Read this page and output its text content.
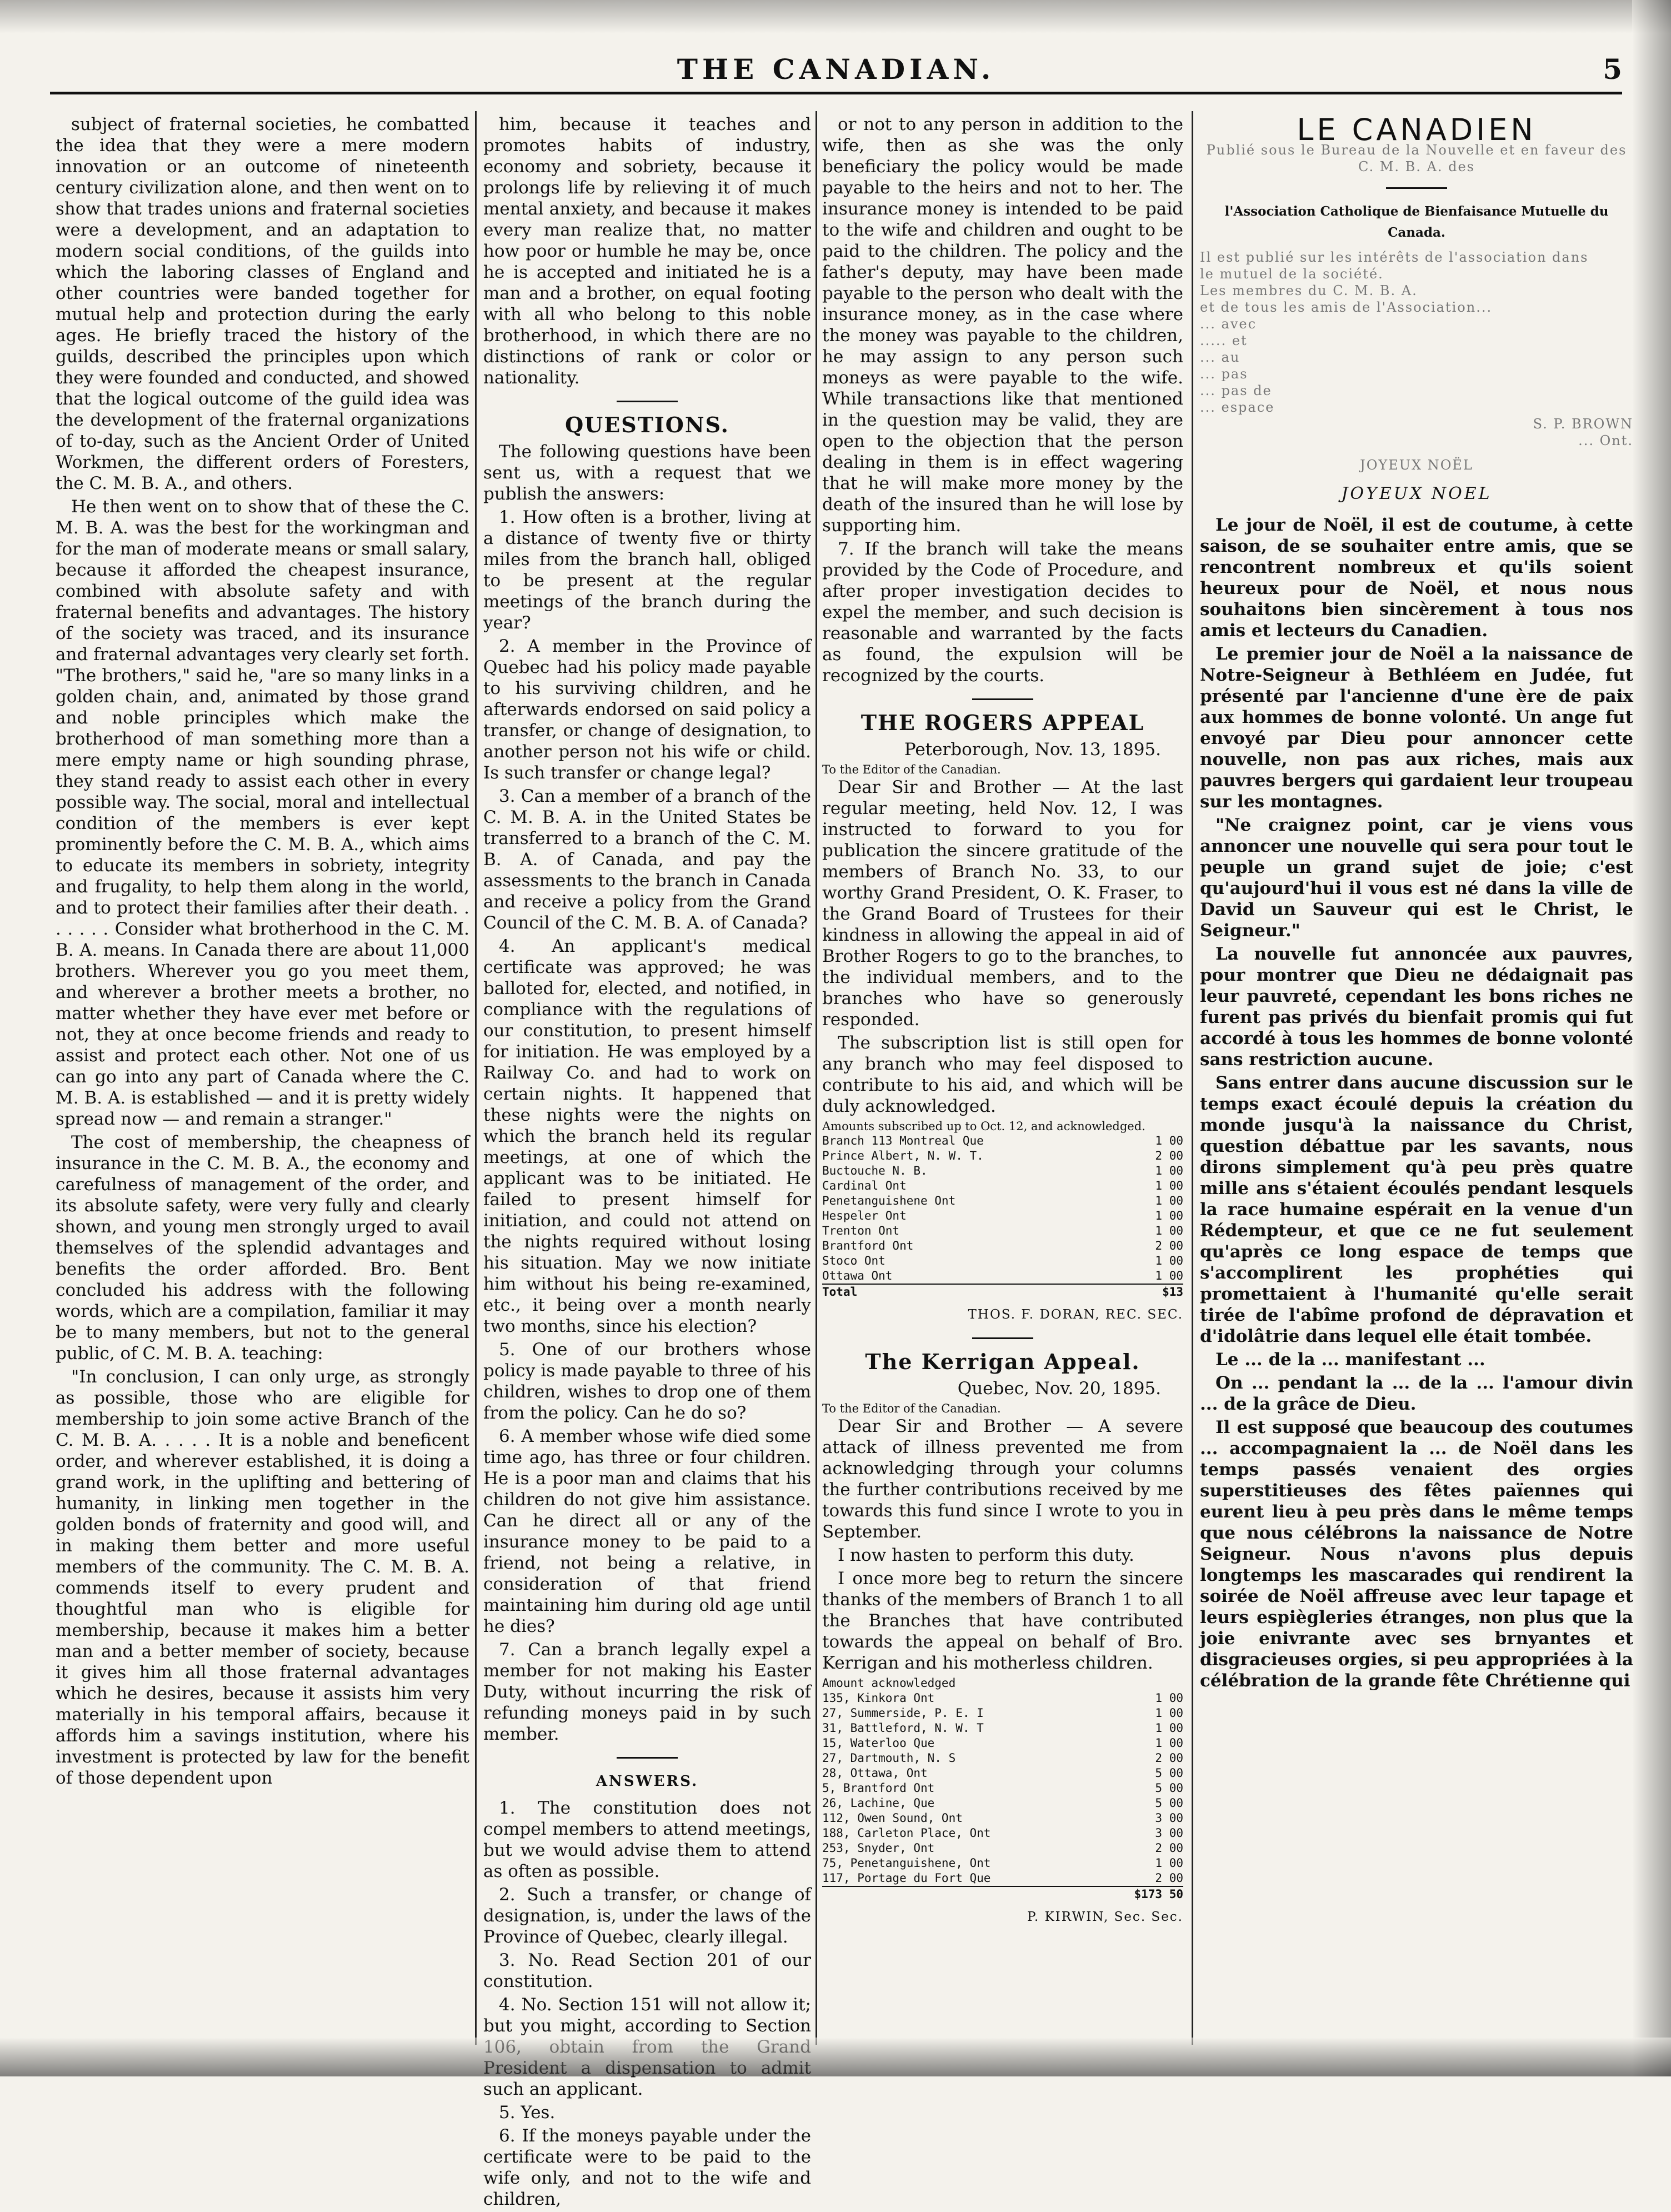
THE CANADIAN.	5

subject of fraternal societies, he combatted the idea that they were a mere modern innovation or an outcome of nineteenth century civilization alone, and then went on to show that trades unions and fraternal societies were a development, and an adaptation to modern social conditions, of the guilds into which the laboring classes of England and other countries were banded together for mutual help and protection during the early ages. He briefly traced the history of the guilds, described the principles upon which they were founded and conducted, and showed that the logical outcome of the guild idea was the development of the fraternal organizations of to-day, such as the Ancient Order of United Workmen, the different orders of Foresters, the C. M. B. A., and others.

He then went on to show that of these the C. M. B. A. was the best for the workingman and for the man of moderate means or small salary, because it afforded the cheapest insurance, combined with absolute safety and with fraternal benefits and advantages. The history of the society was traced, and its insurance and fraternal advantages very clearly set forth. "The brothers," said he, "are so many links in a golden chain, and, animated by those grand and noble principles which make the brotherhood of man something more than a mere empty name or high sounding phrase, they stand ready to assist each other in every possible way. The social, moral and intellectual condition of the members is ever kept prominently before the C. M. B. A., which aims to educate its members in sobriety, integrity and frugality, to help them along in the world, and to protect their families after their death. . . . . . . Consider what brotherhood in the C. M. B. A. means. In Canada there are about 11,000 brothers. Wherever you go you meet them, and wherever a brother meets a brother, no matter whether they have ever met before or not, they at once become friends and ready to assist and protect each other. Not one of us can go into any part of Canada where the C. M. B. A. is established — and it is pretty widely spread now — and remain a stranger."

The cost of membership, the cheapness of insurance in the C. M. B. A., the economy and carefulness of management of the order, and its absolute safety, were very fully and clearly shown, and young men strongly urged to avail themselves of the splendid advantages and benefits the order afforded. Bro. Bent concluded his address with the following words, which are a compilation, familiar it may be to many members, but not to the general public, of C. M. B. A. teaching:

"In conclusion, I can only urge, as strongly as possible, those who are eligible for membership to join some active Branch of the C. M. B. A. . . . . It is a noble and beneficent order, and wherever established, it is doing a grand work, in the uplifting and bettering of humanity, in linking men together in the golden bonds of fraternity and good will, and in making them better and more useful members of the community. The C. M. B. A. commends itself to every prudent and thoughtful man who is eligible for membership, because it makes him a better man and a better member of society, because it gives him all those fraternal advantages which he desires, because it assists him very materially in his temporal affairs, because it affords him a savings institution, where his investment is protected by law for the benefit of those dependent upon

him, because it teaches and promotes habits of industry, economy and sobriety, because it prolongs life by relieving it of much mental anxiety, and because it makes every man realize that, no matter how poor or humble he may be, once he is accepted and initiated he is a man and a brother, on equal footing with all who belong to this noble brotherhood, in which there are no distinctions of rank or color or nationality.

QUESTIONS.

The following questions have been sent us, with a request that we publish the answers:

1. How often is a brother, living at a distance of twenty five or thirty miles from the branch hall, obliged to be present at the regular meetings of the branch during the year?

2. A member in the Province of Quebec had his policy made payable to his surviving children, and he afterwards endorsed on said policy a transfer, or change of designation, to another person not his wife or child. Is such transfer or change legal?

3. Can a member of a branch of the C. M. B. A. in the United States be transferred to a branch of the C. M. B. A. of Canada, and pay the assessments to the branch in Canada and receive a policy from the Grand Council of the C. M. B. A. of Canada?

4. An applicant's medical certificate was approved; he was balloted for, elected, and notified, in compliance with the regulations of our constitution, to present himself for initiation. He was employed by a Railway Co. and had to work on certain nights. It happened that these nights were the nights on which the branch held its regular meetings, at one of which the applicant was to be initiated. He failed to present himself for initiation, and could not attend on the nights required without losing his situation. May we now initiate him without his being re-examined, etc., it being over a month nearly two months, since his election?

5. One of our brothers whose policy is made payable to three of his children, wishes to drop one of them from the policy. Can he do so?

6. A member whose wife died some time ago, has three or four children. He is a poor man and claims that his children do not give him assistance. Can he direct all or any of the insurance money to be paid to a friend, not being a relative, in consideration of that friend maintaining him during old age until he dies?

7. Can a branch legally expel a member for not making his Easter Duty, without incurring the risk of refunding moneys paid in by such member.

ANSWERS.

1. The constitution does not compel members to attend meetings, but we would advise them to attend as often as possible.

2. Such a transfer, or change of designation, is, under the laws of the Province of Quebec, clearly illegal.

3. No. Read Section 201 of our constitution.

4. No. Section 151 will not allow it; but you might, according to Section such an applicant.

5. Yes.

6. If the moneys payable under the certificate were to be paid to the wife only, and not to the wife and children,

or not to any person in addition to the wife, then as she was the only beneficiary the policy would be made payable to the heirs and not to her. The insurance money is intended to be paid to the wife and children and ought to be paid to the children. The policy and the father's deputy, may have been made payable to the person who dealt with the insurance money, as in the case where the money was payable to the children, he may assign to any person such moneys as were payable to the wife. While transactions like that mentioned in the question may be valid, they are open to the objection that the person dealing in them is in effect wagering that he will make more money by the death of the insured than he will lose by supporting him.

7. If the branch will take the means provided by the Code of Procedure, and after proper investigation decides to expel the member, and such decision is reasonable and warranted by the facts as found, the expulsion will be recognized by the courts.

THE ROGERS APPEAL
Peterborough, Nov. 13, 1895.
To the Editor of the Canadian.

Dear Sir and Brother — At the last regular meeting, held Nov. 12, I was instructed to forward to you for publication the sincere gratitude of the members of Branch No. 33, to our worthy Grand President, O. K. Fraser, to the Grand Board of Trustees for their kindness in allowing the appeal in aid of Brother Rogers to go to the branches, to the individual members, and to the branches who have so generously responded.

The subscription list is still open for any branch who may feel disposed to contribute to his aid, and which will be duly acknowledged.

Amounts subscribed up to Oct. 12, and acknowledged.
Branch 113 Montreal Que	1 00
Prince Albert, N. W. T.	2 00
Buctouche N. B.	1 00
Cardinal Ont	1 00
Penetanguishene Ont	1 00
Hespeler Ont	1 00
Trenton Ont	1 00
Brantford Ont	2 00
Stoco Ont	1 00
Ottawa Ont	1 00
Total	$13
THOS. F. DORAN, REC. SEC.
The Kerrigan Appeal.
Quebec, Nov. 20, 1895.
To the Editor of the Canadian.

Dear Sir and Brother — A severe attack of illness prevented me from acknowledging through your columns the further contributions received by me towards this fund since I wrote to you in September.

I now hasten to perform this duty.

I once more beg to return the sincere thanks of the members of Branch 1 to all the Branches that have contributed towards the appeal on behalf of Bro. Kerrigan and his motherless children.

Amount acknowledged	
135, Kinkora Ont	1 00
27, Summerside, P. E. I	1 00
31, Battleford, N. W. T	1 00
15, Waterloo Que	1 00
27, Dartmouth, N. S	2 00
28, Ottawa, Ont	5 00
5, Brantford Ont	5 00
26, Lachine, Que	5 00
112, Owen Sound, Ont	3 00
188, Carleton Place, Ont	3 00
253, Snyder, Ont	2 00
75, Penetanguishene, Ont	1 00
117, Portage du Fort Que	2 00
	$173 50
P. KIRWIN, Sec. Sec.
LE CANADIEN
Publié sous le Bureau de la Nouvelle et en faveur des C. M. B. A. des
l'Association Catholique de Bienfaisance Mutuelle du Canada.
Il est publié sur les intérêts de l'association dans
le mutuel de la société.
Les membres du C. M. B. A.
et de tous les amis de l'Association...
... avec
..... et
... au
... pas
... pas de
... espace
S. P. BROWN
... Ont.
JOYEUX NOËL
JOYEUX NOEL

Le jour de Noël, il est de coutume, à cette saison, de se souhaiter entre amis, que se rencontrent nombreux et qu'ils soient heureux pour de Noël, et nous nous souhaitons bien sincèrement à tous nos amis et lecteurs du Canadien.

Le premier jour de Noël a la naissance de Notre-Seigneur à Bethléem en Judée, fut présenté par l'ancienne d'une ère de paix aux hommes de bonne volonté. Un ange fut envoyé par Dieu pour annoncer cette nouvelle, non pas aux riches, mais aux pauvres bergers qui gardaient leur troupeau sur les montagnes.

"Ne craignez point, car je viens vous annoncer une nouvelle qui sera pour tout le peuple un grand sujet de joie; c'est qu'aujourd'hui il vous est né dans la ville de David un Sauveur qui est le Christ, le Seigneur."

La nouvelle fut annoncée aux pauvres, pour montrer que Dieu ne dédaignait pas leur pauvreté, cependant les bons riches ne furent pas privés du bienfait promis qui fut accordé à tous les hommes de bonne volonté sans restriction aucune.

Sans entrer dans aucune discussion sur le temps exact écoulé depuis la création du monde jusqu'à la naissance du Christ, question débattue par les savants, nous dirons simplement qu'à peu près quatre mille ans s'étaient écoulés pendant lesquels la race humaine espérait en la venue d'un Rédempteur, et que ce ne fut seulement qu'après ce long espace de temps que s'accomplirent les prophéties qui promettaient à l'humanité qu'elle serait tirée de l'abîme profond de dépravation et d'idolâtrie dans lequel elle était tombée.

Le ... de la ... manifestant ...

On ... pendant la ... de la ... l'amour divin ... de la grâce de Dieu.

Il est supposé que beaucoup des coutumes ... accompagnaient la ... de Noël dans les temps passés venaient des orgies superstitieuses des fêtes païennes qui eurent lieu à peu près dans le même temps que nous célébrons la naissance de Notre Seigneur. Nous n'avons plus depuis longtemps les mascarades qui rendirent la soirée de Noël affreuse avec leur tapage et leurs espiègleries étranges, non plus que la joie enivrante avec ses brnyantes et disgracieuses orgies, si peu appropriées à la célébration de la grande fête Chrétienne qui
